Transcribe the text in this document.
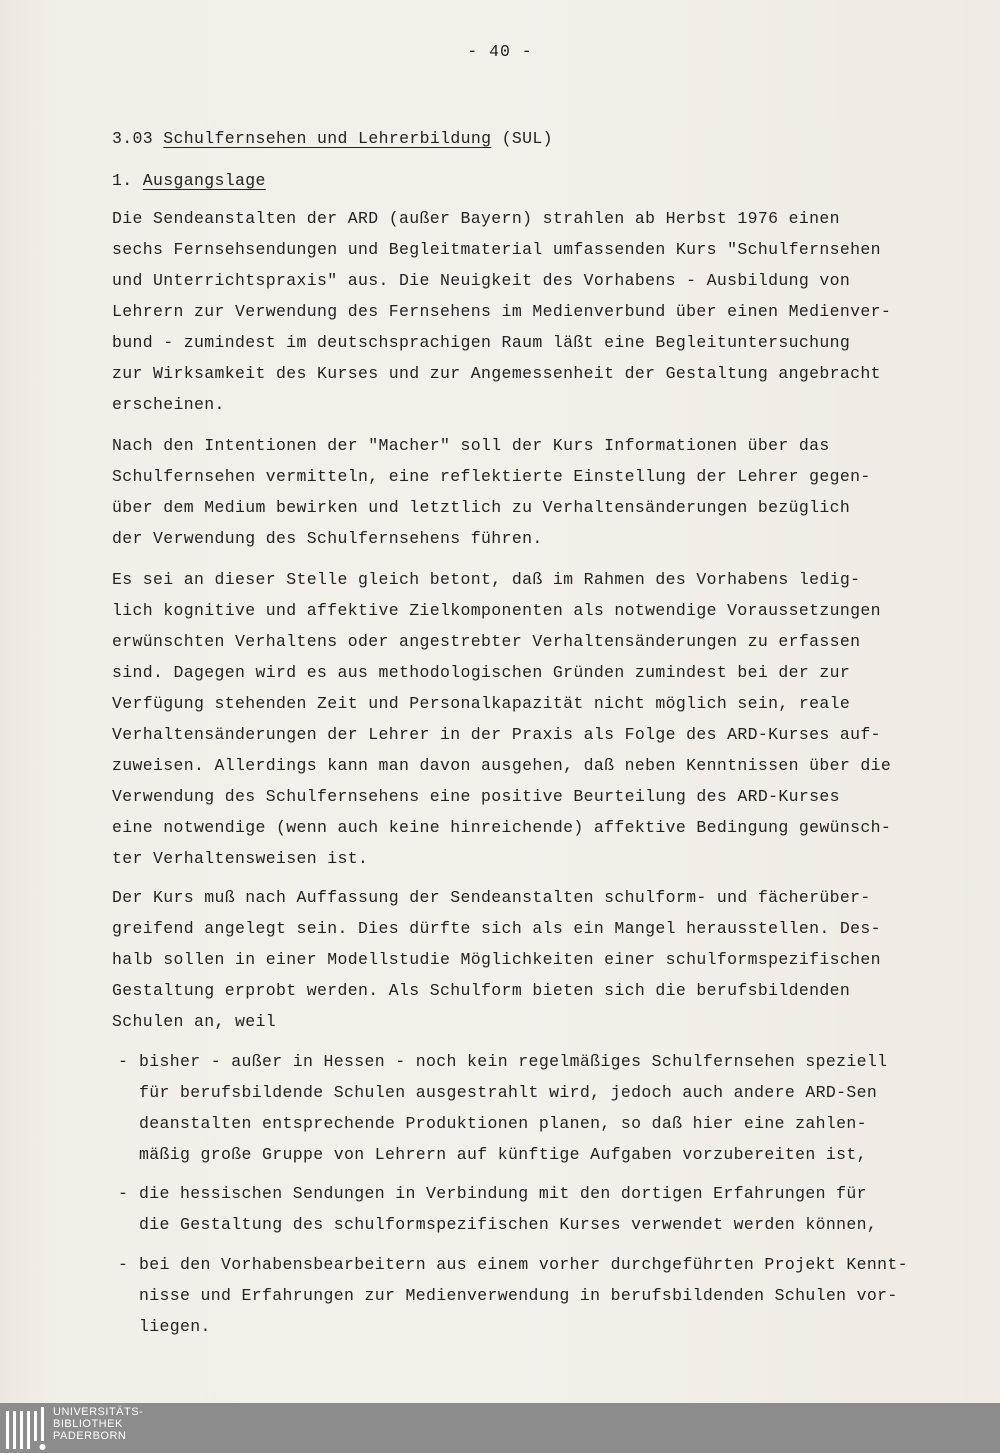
- 40 -
3.03 Schulfernsehen und Lehrerbildung (SUL)
1. Ausgangslage
Die Sendeanstalten der ARD (außer Bayern) strahlen ab Herbst 1976 einen
sechs Fernsehsendungen und Begleitmaterial umfassenden Kurs "Schulfernsehen
und Unterrichtspraxis" aus. Die Neuigkeit des Vorhabens - Ausbildung von
Lehrern zur Verwendung des Fernsehens im Medienverbund über einen Medienver-
bund - zumindest im deutschsprachigen Raum läßt eine Begleituntersuchung
zur Wirksamkeit des Kurses und zur Angemessenheit der Gestaltung angebracht
erscheinen.
Nach den Intentionen der "Macher" soll der Kurs Informationen über das
Schulfernsehen vermitteln, eine reflektierte Einstellung der Lehrer gegen-
über dem Medium bewirken und letztlich zu Verhaltensänderungen bezüglich
der Verwendung des Schulfernsehens führen.
Es sei an dieser Stelle gleich betont, daß im Rahmen des Vorhabens ledig-
lich kognitive und affektive Zielkomponenten als notwendige Voraussetzungen
erwünschten Verhaltens oder angestrebter Verhaltensänderungen zu erfassen
sind. Dagegen wird es aus methodologischen Gründen zumindest bei der zur
Verfügung stehenden Zeit und Personalkapazität nicht möglich sein, reale
Verhaltensänderungen der Lehrer in der Praxis als Folge des ARD-Kurses auf-
zuweisen. Allerdings kann man davon ausgehen, daß neben Kenntnissen über die
Verwendung des Schulfernsehens eine positive Beurteilung des ARD-Kurses
eine notwendige (wenn auch keine hinreichende) affektive Bedingung gewünsch-
ter Verhaltensweisen ist.
Der Kurs muß nach Auffassung der Sendeanstalten schulform- und fächerüber-
greifend angelegt sein. Dies dürfte sich als ein Mangel herausstellen. Des-
halb sollen in einer Modellstudie Möglichkeiten einer schulformspezifischen
Gestaltung erprobt werden. Als Schulform bieten sich die berufsbildenden
Schulen an, weil
- bisher - außer in Hessen - noch kein regelmäßiges Schulfernsehen speziell
für berufsbildende Schulen ausgestrahlt wird, jedoch auch andere ARD-Sen
deanstalten entsprechende Produktionen planen, so daß hier eine zahlen-
mäßig große Gruppe von Lehrern auf künftige Aufgaben vorzubereiten ist,
- die hessischen Sendungen in Verbindung mit den dortigen Erfahrungen für
die Gestaltung des schulformspezifischen Kurses verwendet werden können,
- bei den Vorhabensbearbeitern aus einem vorher durchgeführten Projekt Kennt-
nisse und Erfahrungen zur Medienverwendung in berufsbildenden Schulen vor-
liegen.
UNIVERSITÄTS-
BIBLIOTHEK
PADERBORN
